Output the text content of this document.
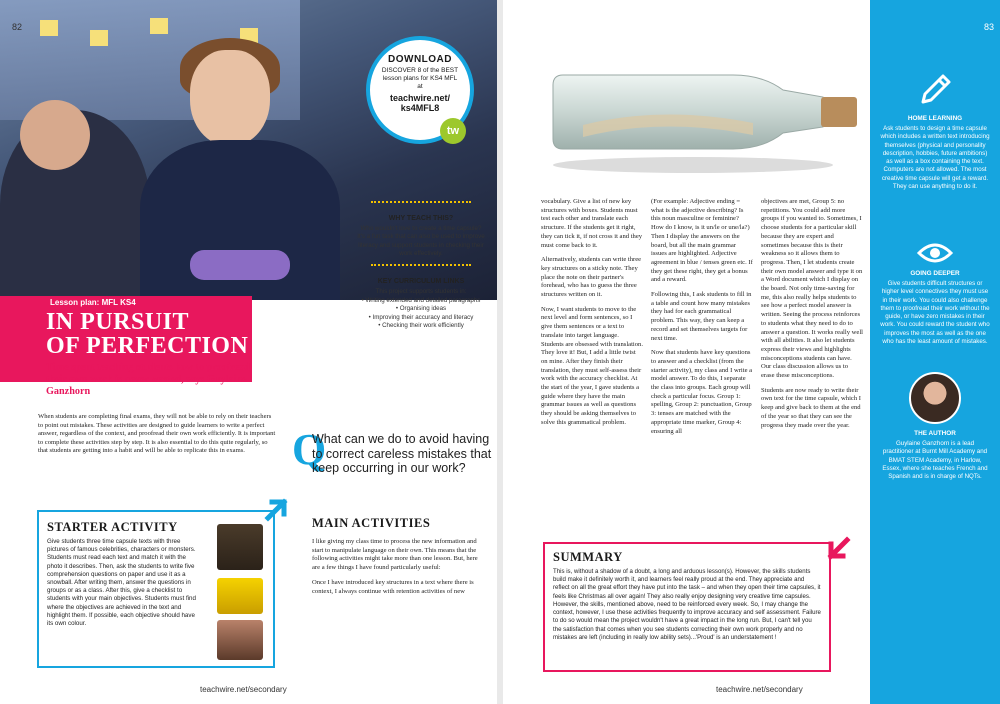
82
DOWNLOAD
DISCOVER 8 of the BEST lesson plans for KS4 MFL at
teachwire.net/ ks4MFL8
tw
WHY TEACH THIS?
Who wouldn't love to create a time capsule? It's a fun task that can also be used to improve literacy and support students in checking their work effectively.
KEY CURRICULUM LINKS
This project supports students in:
• Writing extended and detailed paragraphs
• Organising ideas
• Improving their accuracy and literacy
• Checking their work efficiently
Lesson plan: MFL KS4
IN PURSUIT
OF PERFECTION
Time spent teaching students how to proofread their own work is never wasted, says Guylaine Ganzhorn
When students are completing final exams, they will not be able to rely on their teachers to point out mistakes. These activities are designed to guide learners to write a perfect answer, regardless of the context, and proofread their own work efficiently. It is important to complete these activities step by step. It is also essential to do this quite regularly, so that students are getting into a habit and will be able to replicate this in exams.
STARTER ACTIVITY
Give students three time capsule texts with three pictures of famous celebrities, characters or monsters. Students must read each text and match it with the photo it describes. Then, ask the students to write five comprehension questions on paper and use it as a snowball. After writing them, answer the questions in groups or as a class. After this, give a checklist to students with your main objectives. Students must find where the objectives are achieved in the text and highlight them. If possible, each objective should have its own colour.
Q
What can we do to avoid having to correct careless mistakes that keep occurring in our work?
MAIN ACTIVITIES

I like giving my class time to process the new information and start to manipulate language on their own. This means that the following activities might take more than one lesson. But, here are a few things I have found particularly useful:

Once I have introduced key structures in a text where there is context, I always continue with retention activities of new

teachwire.net/secondary

vocabulary. Give a list of new key structures with boxes. Students must test each other and translate each structure. If the students get it right, they can tick it, if not cross it and they must come back to it.

Alternatively, students can write three key structures on a sticky note. They place the note on their partner's forehead, who has to guess the three structures written on it.

Now, I want students to move to the next level and form sentences, so I give them sentences or a text to translate into target language. Students are obsessed with translation. They love it! But, I add a little twist on mine. After they finish their translation, they must self-assess their work with the accuracy checklist. At the start of the year, I gave students a guide where they have the main grammar issues as well as questions they should be asking themselves to solve this grammatical problem.

(For example: Adjective ending = what is the adjective describing? Is this noun masculine or feminine? How do I know, is it un/le or une/la?) Then I display the answers on the board, but all the main grammar issues are highlighted. Adjective agreement in blue / tenses green etc. If they get these right, they get a bonus and a reward.

Following this, I ask students to fill in a table and count how many mistakes they had for each grammatical problem. This way, they can keep a record and set themselves targets for next time.

Now that students have key questions to answer and a checklist (from the starter activity), my class and I write a model answer. To do this, I separate the class into groups. Each group will check a particular focus. Group 1: spelling, Group 2: punctuation, Group 3: tenses are matched with the appropriate time marker, Group 4: ensuring all

objectives are met, Group 5: no repetitions. You could add more groups if you wanted to. Sometimes, I choose students for a particular skill because they are expert and sometimes because this is their weakness so it allows them to progress. Then, I let students create their own model answer and type it on a Word document which I display on the board. Not only time-saving for me, this also really helps students to see how a perfect model answer is written. Seeing the process reinforces to students what they need to do to answer a question. It works really well with all abilities. It also let students express their views and highlights misconceptions students can have. Our class discussion allows us to erase these misconceptions.

Students are now ready to write their own text for the time capsule, which I keep and give back to them at the end of the year so that they can see the progress they made over the year.

SUMMARY
This is, without a shadow of a doubt, a long and arduous lesson(s). However, the skills students build make it definitely worth it, and learners feel really proud at the end. They appreciate and reflect on all the great effort they have put into the task – and when they open their time capsules, it feels like Christmas all over again! They also really enjoy designing very creative time capsules. However, the skills, mentioned above, need to be reinforced every week. So, I may change the context, however, I use these activities frequently to improve accuracy and self assessment. Failure to do so would mean the project wouldn't have a great impact in the long run. But, I can't tell you the satisfaction that comes when you see students correcting their own work properly and no mistakes are left (including in really low ability sets)...'Proud' is an understatement !
83
HOME LEARNING
Ask students to design a time capsule which includes a written text introducing themselves (physical and personality description, hobbies, future ambitions) as well as a box containing the text. Computers are not allowed. The most creative time capsule will get a reward. They can use anything to do it.
GOING DEEPER
Give students difficult structures or higher level connectives they must use in their work. You could also challenge them to proofread their work without the guide, or have zero mistakes in their work. You could reward the student who improves the most as well as the one who has the least amount of mistakes.
THE AUTHOR
Guylaine Ganzhorn is a lead practitioner at Burnt Mill Academy and BMAT STEM Academy, in Harlow, Essex, where she teaches French and Spanish and is in charge of NQTs.
teachwire.net/secondary
